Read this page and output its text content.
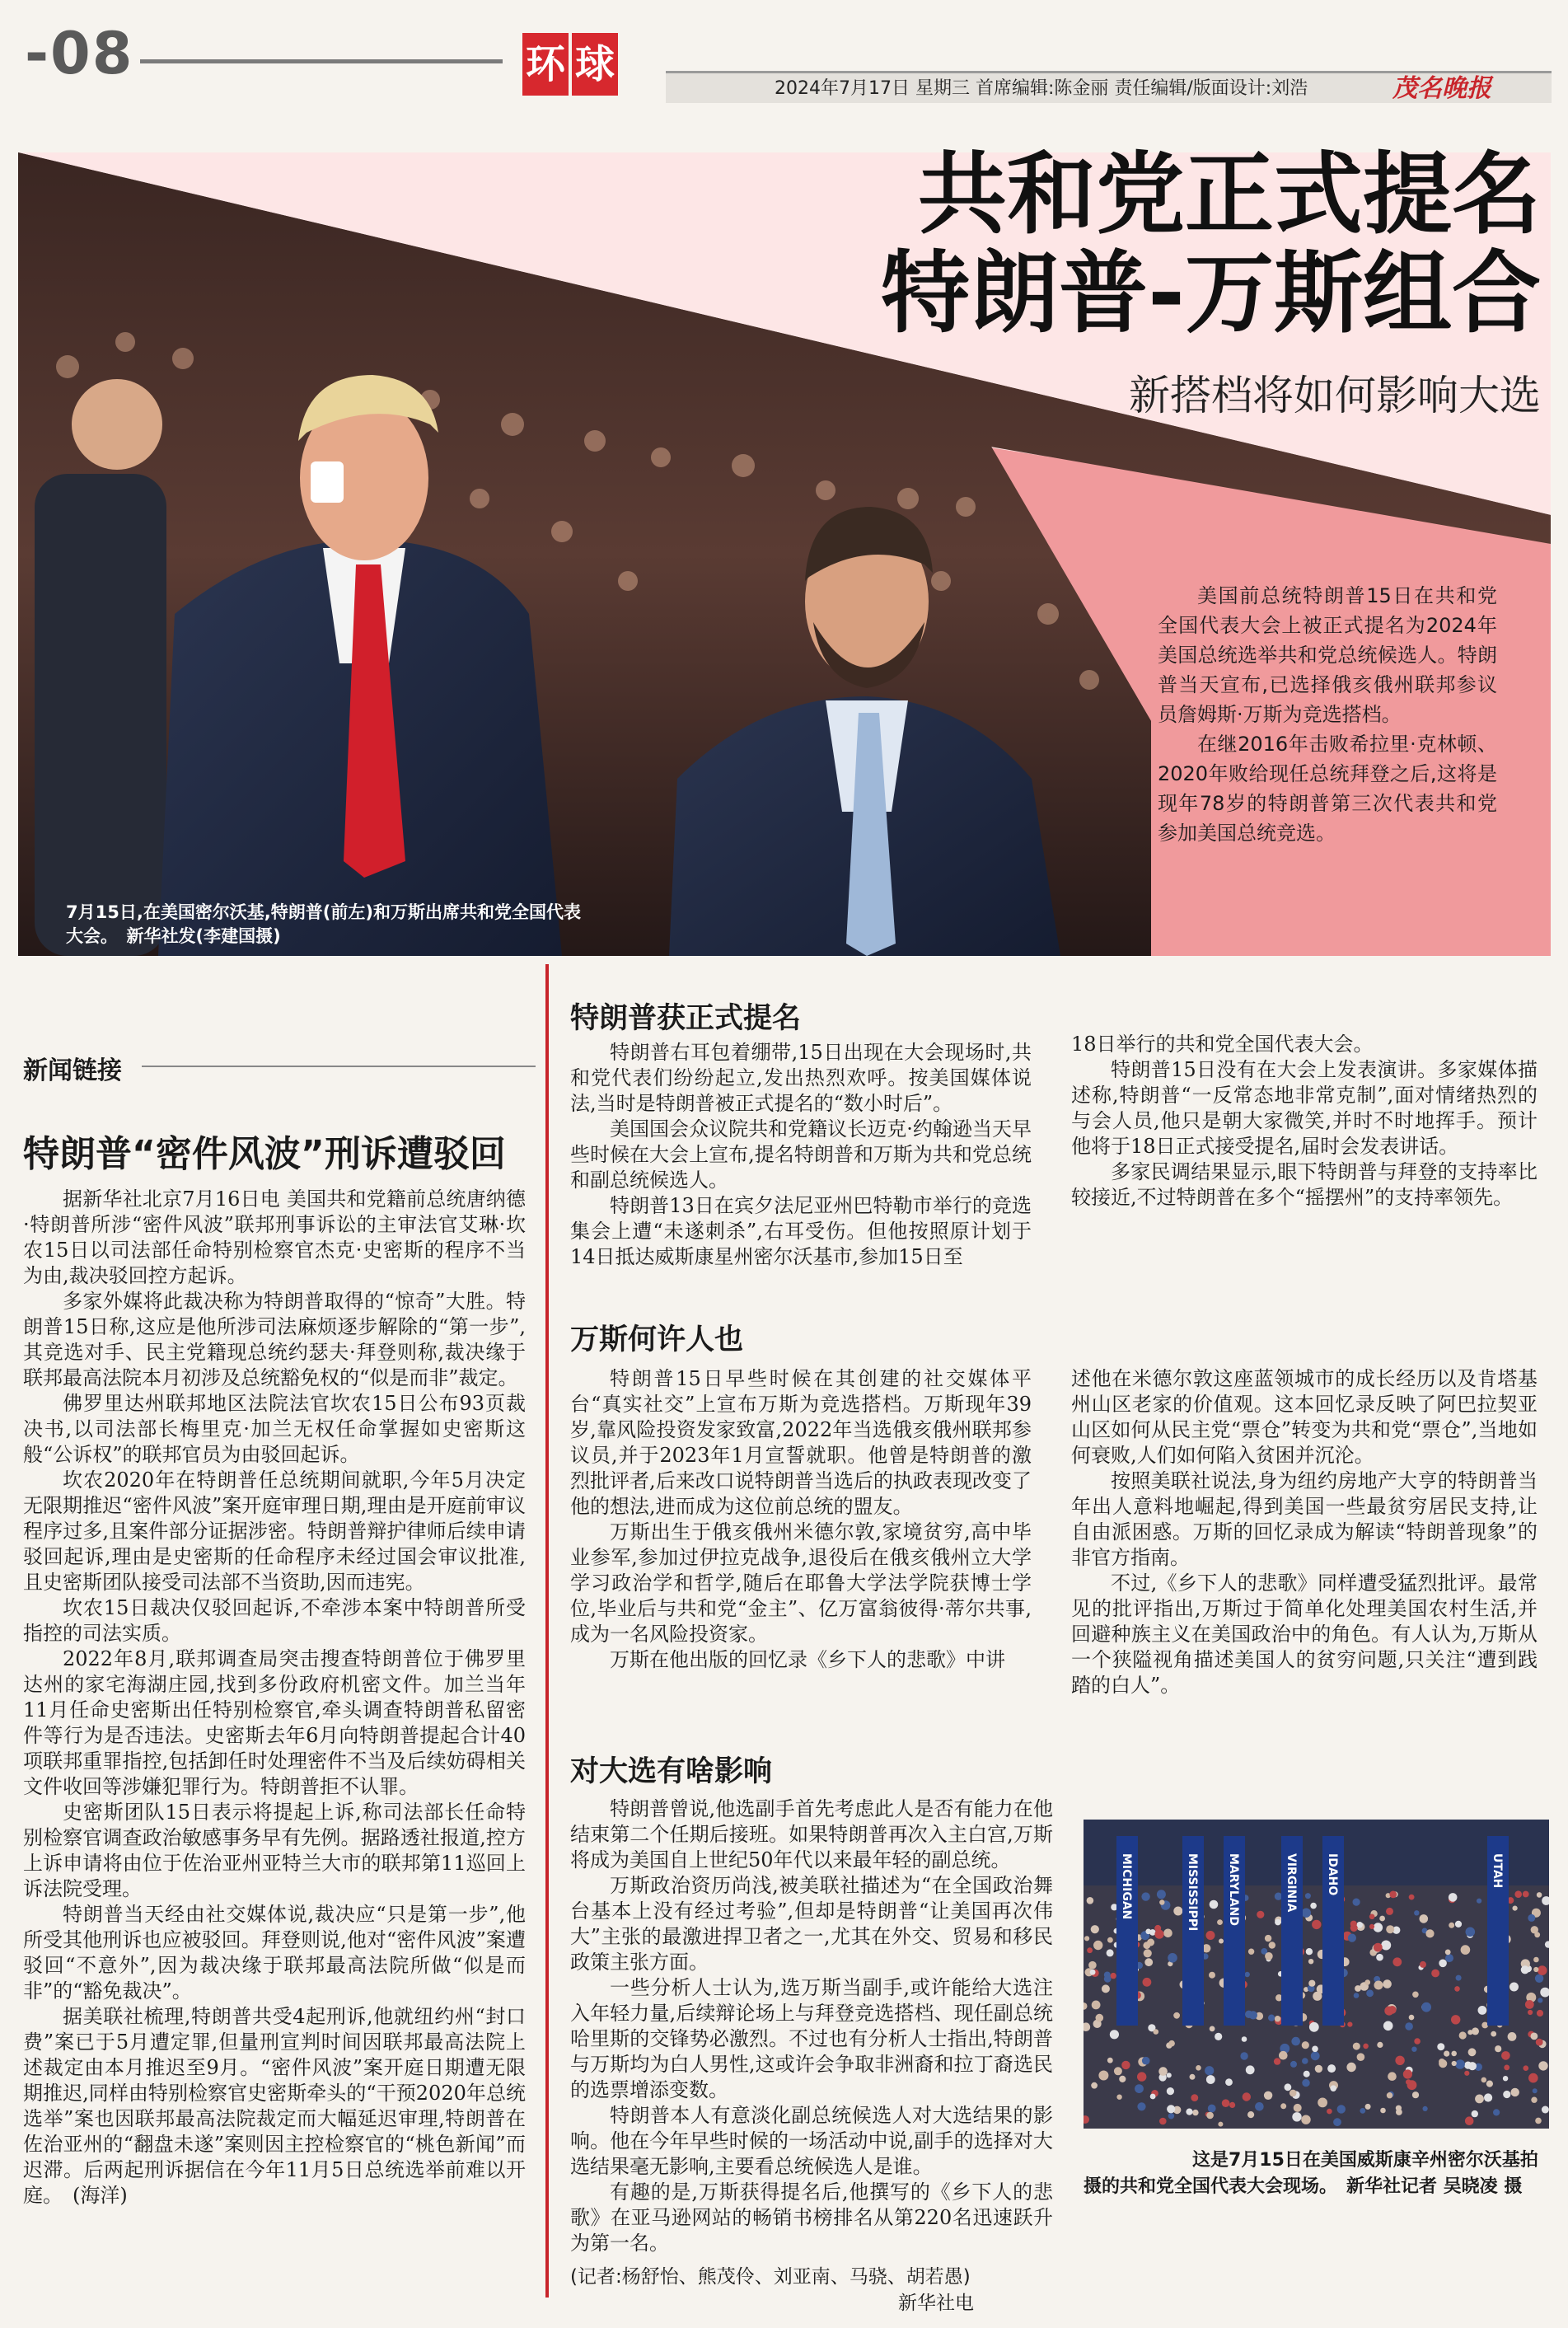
-08	环 球
2024年7月17日 星期三 首席编辑:陈金丽 责任编辑/版面设计:刘浩	茂名晚报
共和党正式提名
特朗普-万斯组合
新搭档将如何影响大选

美国前总统特朗普15日在共和党全国代表大会上被正式提名为2024年美国总统选举共和党总统候选人。特朗普当天宣布,已选择俄亥俄州联邦参议员詹姆斯·万斯为竞选搭档。

在继2016年击败希拉里·克林顿、2020年败给现任总统拜登之后,这将是现年78岁的特朗普第三次代表共和党参加美国总统竞选。

7月15日,在美国密尔沃基,特朗普(前左)和万斯出席共和党全国代表大会。　新华社发(李建国摄)
新闻链接
特朗普“密件风波”刑诉遭驳回

据新华社北京7月16日电 美国共和党籍前总统唐纳德·特朗普所涉“密件风波”联邦刑事诉讼的主审法官艾琳·坎农15日以司法部任命特别检察官杰克·史密斯的程序不当为由,裁决驳回控方起诉。

多家外媒将此裁决称为特朗普取得的“惊奇”大胜。特朗普15日称,这应是他所涉司法麻烦逐步解除的“第一步”,其竞选对手、民主党籍现总统约瑟夫·拜登则称,裁决缘于联邦最高法院本月初涉及总统豁免权的“似是而非”裁定。

佛罗里达州联邦地区法院法官坎农15日公布93页裁决书,以司法部长梅里克·加兰无权任命掌握如史密斯这般“公诉权”的联邦官员为由驳回起诉。

坎农2020年在特朗普任总统期间就职,今年5月决定无限期推迟“密件风波”案开庭审理日期,理由是开庭前审议程序过多,且案件部分证据涉密。特朗普辩护律师后续申请驳回起诉,理由是史密斯的任命程序未经过国会审议批准,且史密斯团队接受司法部不当资助,因而违宪。

坎农15日裁决仅驳回起诉,不牵涉本案中特朗普所受指控的司法实质。

2022年8月,联邦调查局突击搜查特朗普位于佛罗里达州的家宅海湖庄园,找到多份政府机密文件。加兰当年11月任命史密斯出任特别检察官,牵头调查特朗普私留密件等行为是否违法。史密斯去年6月向特朗普提起合计40项联邦重罪指控,包括卸任时处理密件不当及后续妨碍相关文件收回等涉嫌犯罪行为。特朗普拒不认罪。

史密斯团队15日表示将提起上诉,称司法部长任命特别检察官调查政治敏感事务早有先例。据路透社报道,控方上诉申请将由位于佐治亚州亚特兰大市的联邦第11巡回上诉法院受理。

特朗普当天经由社交媒体说,裁决应“只是第一步”,他所受其他刑诉也应被驳回。拜登则说,他对“密件风波”案遭驳回“不意外”,因为裁决缘于联邦最高法院所做“似是而非”的“豁免裁决”。

据美联社梳理,特朗普共受4起刑诉,他就纽约州“封口费”案已于5月遭定罪,但量刑宣判时间因联邦最高法院上述裁定由本月推迟至9月。“密件风波”案开庭日期遭无限期推迟,同样由特别检察官史密斯牵头的“干预2020年总统选举”案也因联邦最高法院裁定而大幅延迟审理,特朗普在佐治亚州的“翻盘未遂”案则因主控检察官的“桃色新闻”而迟滞。后两起刑诉据信在今年11月5日总统选举前难以开庭。　(海洋)

特朗普获正式提名

特朗普右耳包着绷带,15日出现在大会现场时,共和党代表们纷纷起立,发出热烈欢呼。按美国媒体说法,当时是特朗普被正式提名的“数小时后”。

美国国会众议院共和党籍议长迈克·约翰逊当天早些时候在大会上宣布,提名特朗普和万斯为共和党总统和副总统候选人。

特朗普13日在宾夕法尼亚州巴特勒市举行的竞选集会上遭“未遂刺杀”,右耳受伤。但他按照原计划于14日抵达威斯康星州密尔沃基市,参加15日至

18日举行的共和党全国代表大会。

特朗普15日没有在大会上发表演讲。多家媒体描述称,特朗普“一反常态地非常克制”,面对情绪热烈的与会人员,他只是朝大家微笑,并时不时地挥手。预计他将于18日正式接受提名,届时会发表讲话。

多家民调结果显示,眼下特朗普与拜登的支持率比较接近,不过特朗普在多个“摇摆州”的支持率领先。

万斯何许人也

特朗普15日早些时候在其创建的社交媒体平台“真实社交”上宣布万斯为竞选搭档。万斯现年39岁,靠风险投资发家致富,2022年当选俄亥俄州联邦参议员,并于2023年1月宣誓就职。他曾是特朗普的激烈批评者,后来改口说特朗普当选后的执政表现改变了他的想法,进而成为这位前总统的盟友。

万斯出生于俄亥俄州米德尔敦,家境贫穷,高中毕业参军,参加过伊拉克战争,退役后在俄亥俄州立大学学习政治学和哲学,随后在耶鲁大学法学院获博士学位,毕业后与共和党“金主”、亿万富翁彼得·蒂尔共事,成为一名风险投资家。

万斯在他出版的回忆录《乡下人的悲歌》中讲

述他在米德尔敦这座蓝领城市的成长经历以及肯塔基州山区老家的价值观。这本回忆录反映了阿巴拉契亚山区如何从民主党“票仓”转变为共和党“票仓”,当地如何衰败,人们如何陷入贫困并沉沦。

按照美联社说法,身为纽约房地产大亨的特朗普当年出人意料地崛起,得到美国一些最贫穷居民支持,让自由派困惑。万斯的回忆录成为解读“特朗普现象”的非官方指南。

不过,《乡下人的悲歌》同样遭受猛烈批评。最常见的批评指出,万斯过于简单化处理美国农村生活,并回避种族主义在美国政治中的角色。有人认为,万斯从一个狭隘视角描述美国人的贫穷问题,只关注“遭到践踏的白人”。

对大选有啥影响

特朗普曾说,他选副手首先考虑此人是否有能力在他结束第二个任期后接班。如果特朗普再次入主白宫,万斯将成为美国自上世纪50年代以来最年轻的副总统。

万斯政治资历尚浅,被美联社描述为“在全国政治舞台基本上没有经过考验”,但却是特朗普“让美国再次伟大”主张的最激进捍卫者之一,尤其在外交、贸易和移民政策主张方面。

一些分析人士认为,选万斯当副手,或许能给大选注入年轻力量,后续辩论场上与拜登竞选搭档、现任副总统哈里斯的交锋势必激烈。不过也有分析人士指出,特朗普与万斯均为白人男性,这或许会争取非洲裔和拉丁裔选民的选票增添变数。

特朗普本人有意淡化副总统候选人对大选结果的影响。他在今年早些时候的一场活动中说,副手的选择对大选结果毫无影响,主要看总统候选人是谁。

有趣的是,万斯获得提名后,他撰写的《乡下人的悲歌》在亚马逊网站的畅销书榜排名从第220名迅速跃升为第一名。

(记者:杨舒怡、熊茂伶、刘亚南、马骁、胡若愚)
新华社电
MICHIGAN	MISSISSIPPI	VIRGINIA IDAHO	UTAH
MARYLAND

这是7月15日在美国威斯康辛州密尔沃基拍摄的共和党全国代表大会现场。　新华社记者 吴晓凌 摄
